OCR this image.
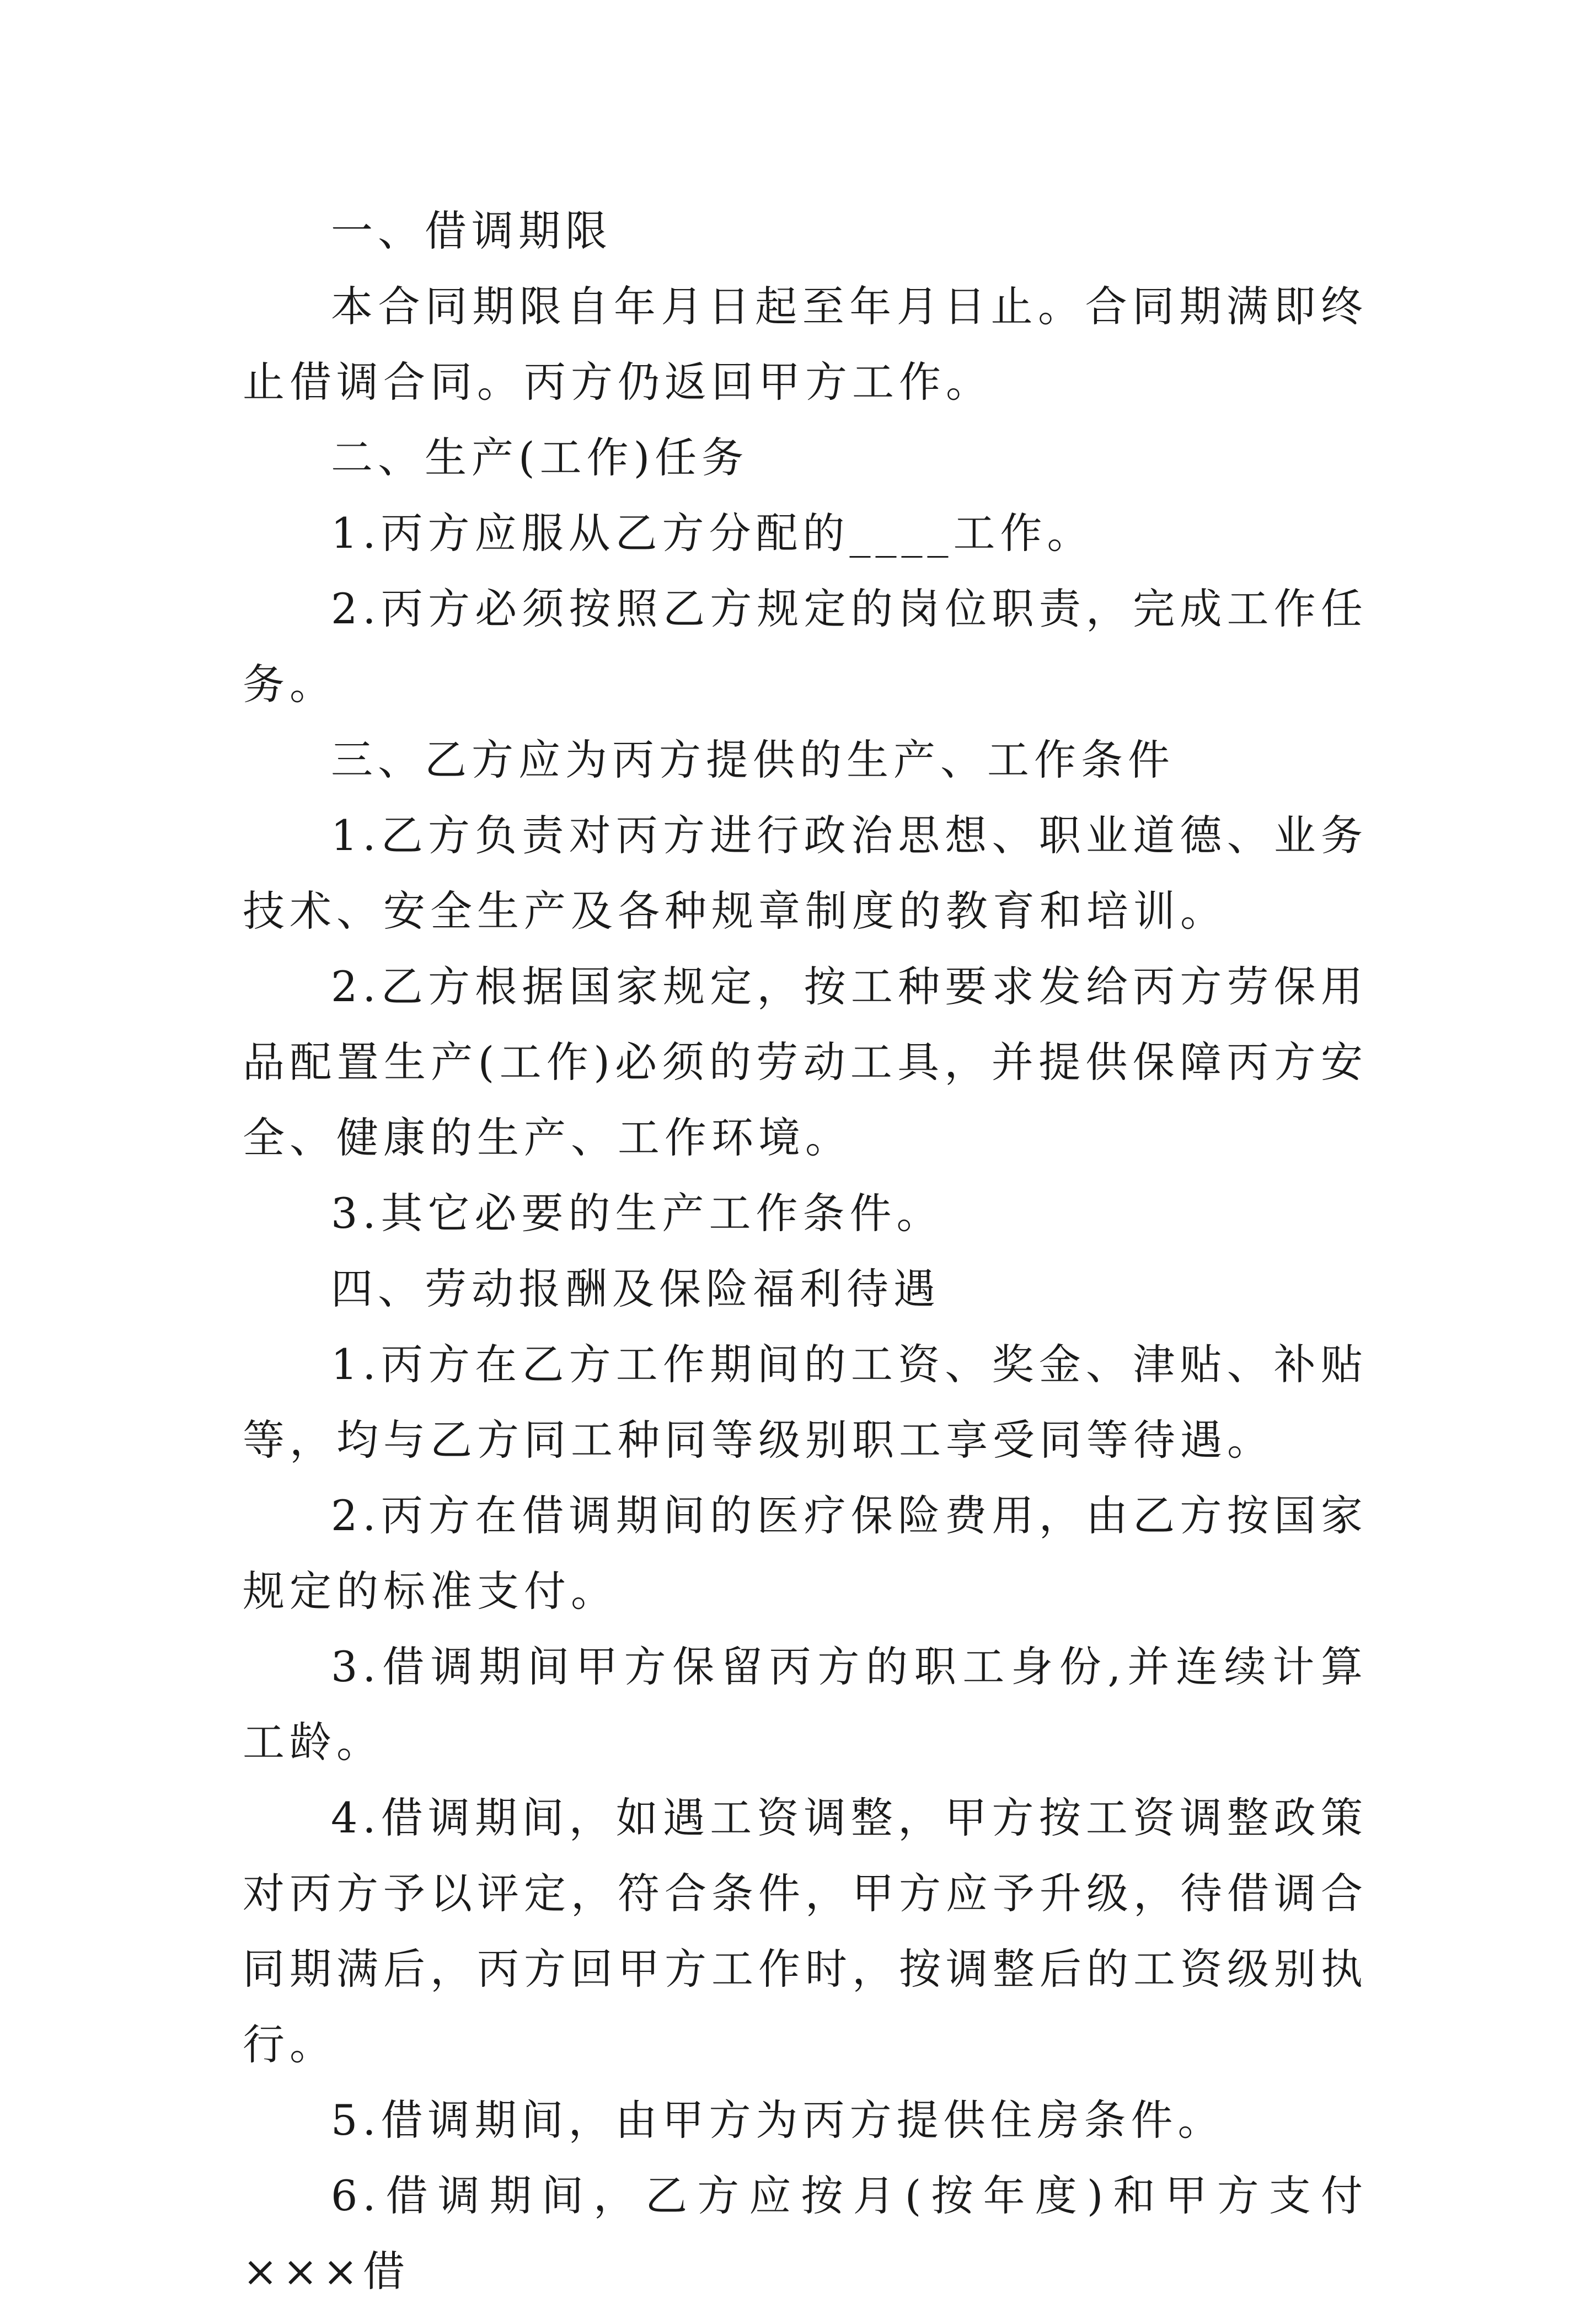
一、借调期限

本合同期限自年月日起至年月日止。合同期满即终止借调合同。丙方仍返回甲方工作。

二、生产(工作)任务

1.丙方应服从乙方分配的____工作。

2.丙方必须按照乙方规定的岗位职责，完成工作任务。

三、乙方应为丙方提供的生产、工作条件

1.乙方负责对丙方进行政治思想、职业道德、业务技术、安全生产及各种规章制度的教育和培训。

2.乙方根据国家规定，按工种要求发给丙方劳保用品配置生产(工作)必须的劳动工具，并提供保障丙方安全、健康的生产、工作环境。

3.其它必要的生产工作条件。

四、劳动报酬及保险福利待遇

1.丙方在乙方工作期间的工资、奖金、津贴、补贴等，均与乙方同工种同等级别职工享受同等待遇。

2.丙方在借调期间的医疗保险费用，由乙方按国家规定的标准支付。

3.借调期间甲方保留丙方的职工身份,并连续计算工龄。

4.借调期间，如遇工资调整，甲方按工资调整政策对丙方予以评定，符合条件，甲方应予升级，待借调合同期满后，丙方回甲方工作时，按调整后的工资级别执行。

5.借调期间，由甲方为丙方提供住房条件。

6.借调期间，乙方应按月(按年度)和甲方支付×××借
